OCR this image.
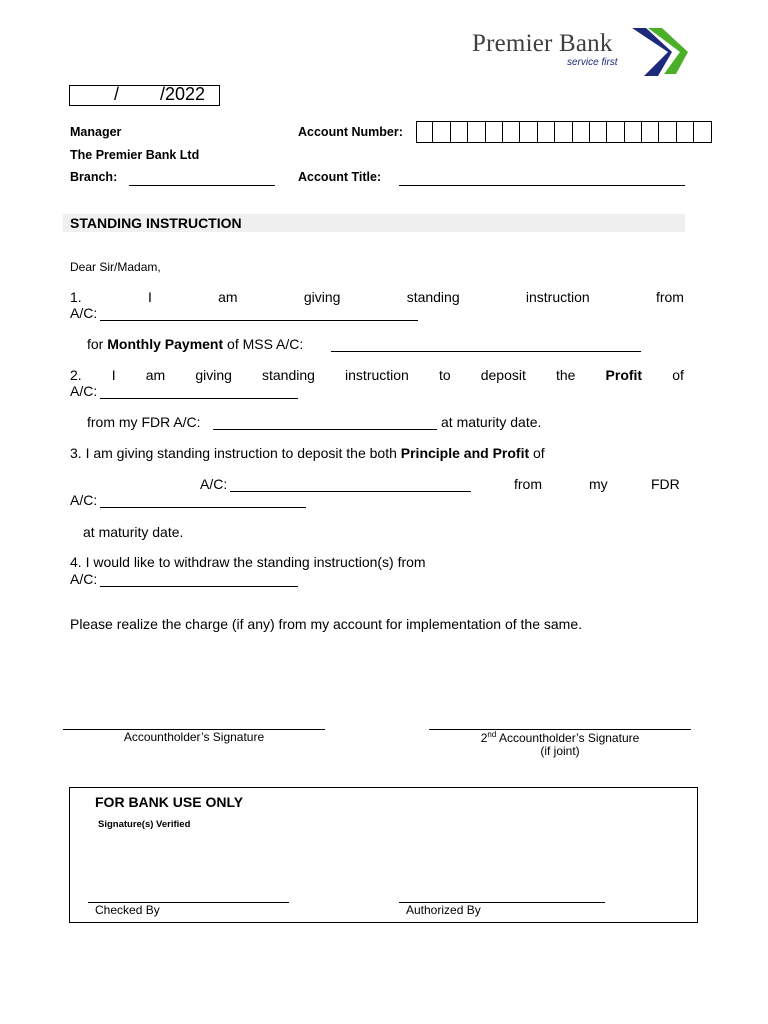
Premier Bank
service first
/ /2022
Manager
The Premier Bank Ltd
Branch:
Account Number:
Account Title:
STANDING INSTRUCTION
Dear Sir/Madam,
1.	I	am	giving	standing	instruction	from
A/C:
for Monthly Payment of MSS A/C:
2. I am giving standing instruction to deposit the Profit of
A/C:
from my FDR A/C:	at maturity date.
3. I am giving standing instruction to deposit the both Principle and Profit of
A/C:	from	my	FDR
A/C:
at maturity date.
4. I would like to withdraw the standing instruction(s) from
A/C:
Please realize the charge (if any) from my account for implementation of the same.
Accountholder’s Signature	2nd Accountholder’s Signature
(if joint)
FOR BANK USE ONLY
Signature(s) Verified
Checked By	Authorized By
